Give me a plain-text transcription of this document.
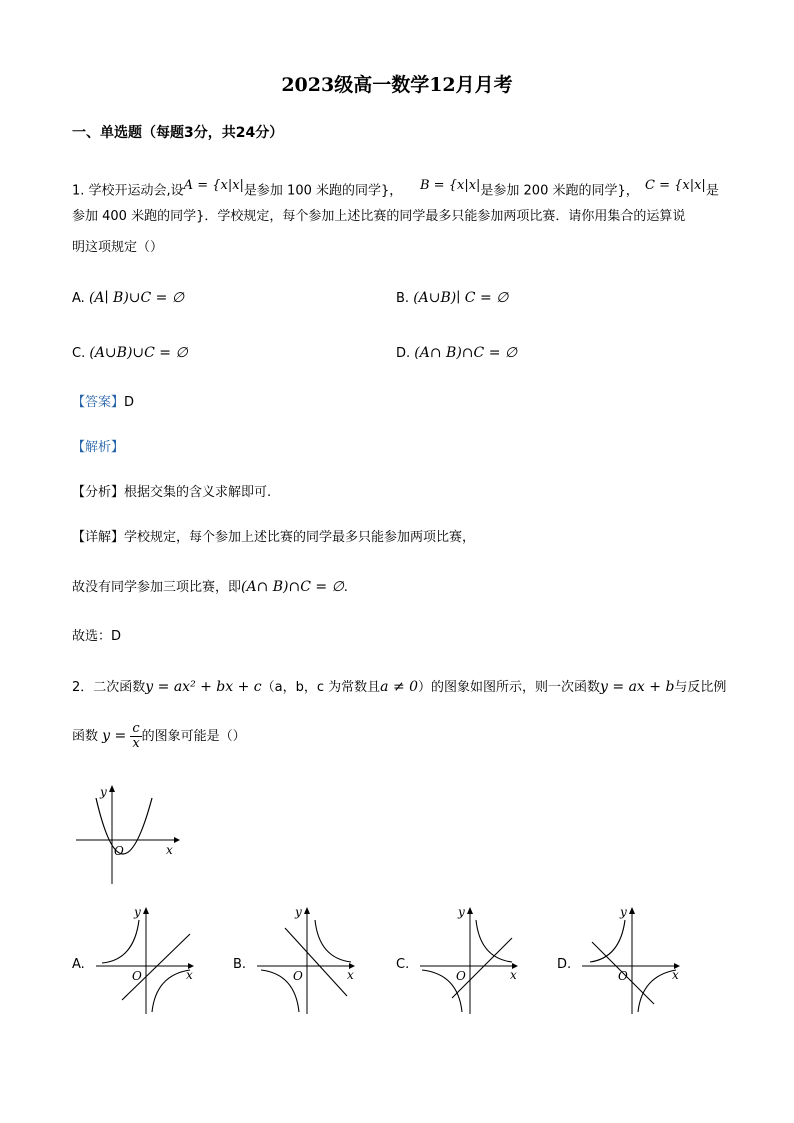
2023级高一数学12月月考
一、单选题（每题3分，共24分）
1. 学校开运动会,设$^{A = \{x|x|}$是参加 100 米跑的同学}， $^{B = \{x|x|}$是参加 200 米跑的同学}， $^{C = \{x|x|}$是
参加 400 米跑的同学}．学校规定，每个参加上述比赛的同学最多只能参加两项比赛．请你用集合的运算说
明这项规定（）
A. (A∣ B)∪C = ∅	B. (A∪B)∣ C = ∅
C. (A∪B)∪C = ∅	D. (A∩ B)∩C = ∅
【答案】D
【解析】
【分析】根据交集的含义求解即可.
【详解】学校规定，每个参加上述比赛的同学最多只能参加两项比赛，
故没有同学参加三项比赛，即(A∩ B)∩C = ∅.
故选：D
2．二次函数y = ax² + bx + c（a，b，c 为常数且a ≠ 0）的图象如图所示，则一次函数y = ax + b与反比例
函数 $y = \frac{c}{x}$ 的图象可能是（）
y
x
O
A.
y
x
O
B.
y
x
O
C.
y
x
O
D.
y
x
O
